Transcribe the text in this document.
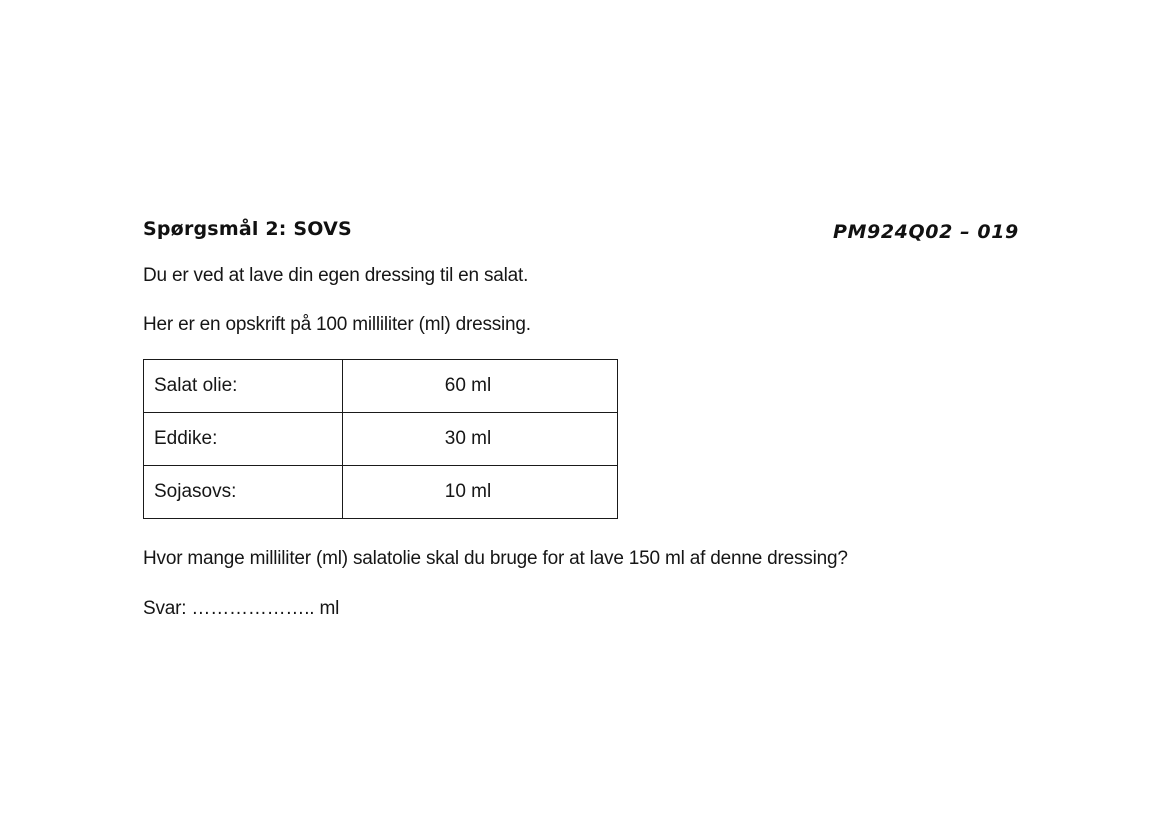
Spørgsmål 2: SOVS	PM924Q02 – 019
Du er ved at lave din egen dressing til en salat.
Her er en opskrift på 100 milliliter (ml) dressing.
Salat olie:	60 ml
Eddike:	30 ml
Sojasovs:	10 ml
Hvor mange milliliter (ml) salatolie skal du bruge for at lave 150 ml af denne dressing?
Svar: ……………….. ml
